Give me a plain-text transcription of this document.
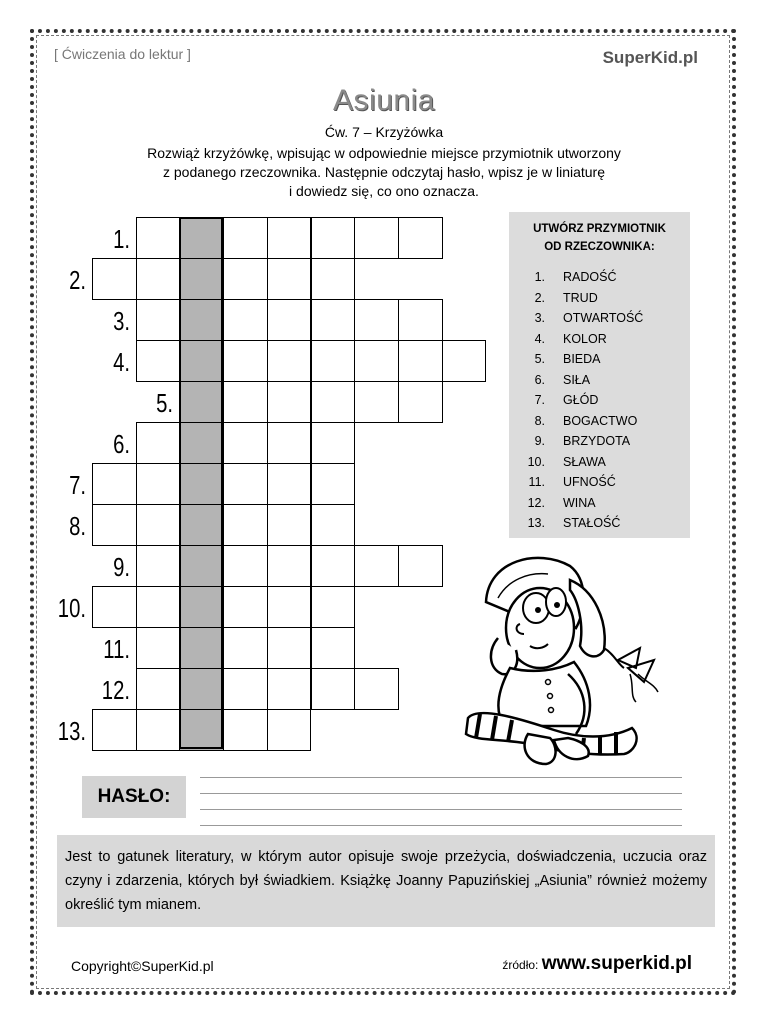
[ Ćwiczenia do lektur ]	SuperKid.pl
Asiunia
Ćw. 7 – Krzyżówka
Rozwiąż krzyżówkę, wpisując w odpowiednie miejsce przymiotnik utworzony
z podanego rzeczownika. Następnie odczytaj hasło, wpisz je w liniaturę
i dowiedz się, co ono oznacza.
1.
2.
3.
4.
5.
6.
7.
8.
9.
10.
11.
12.
13.
UTWÓRZ PRZYMIOTNIK
OD RZECZOWNIKA:
1. RADOŚĆ
2. TRUD
3. OTWARTOŚĆ
4. KOLOR
5. BIEDA
6. SIŁA
7. GŁÓD
8. BOGACTWO
9. BRZYDOTA
10. SŁAWA
11. UFNOŚĆ
12. WINA
13. STAŁOŚĆ
HASŁO:
Jest to gatunek literatury, w którym autor opisuje swoje przeżycia, doświadczenia, uczucia oraz czyny i zdarzenia, których był świadkiem. Książkę Joanny Papuzińskiej „Asiunia” również możemy określić tym mianem.
Copyright©SuperKid.pl	źródło: www.superkid.pl
